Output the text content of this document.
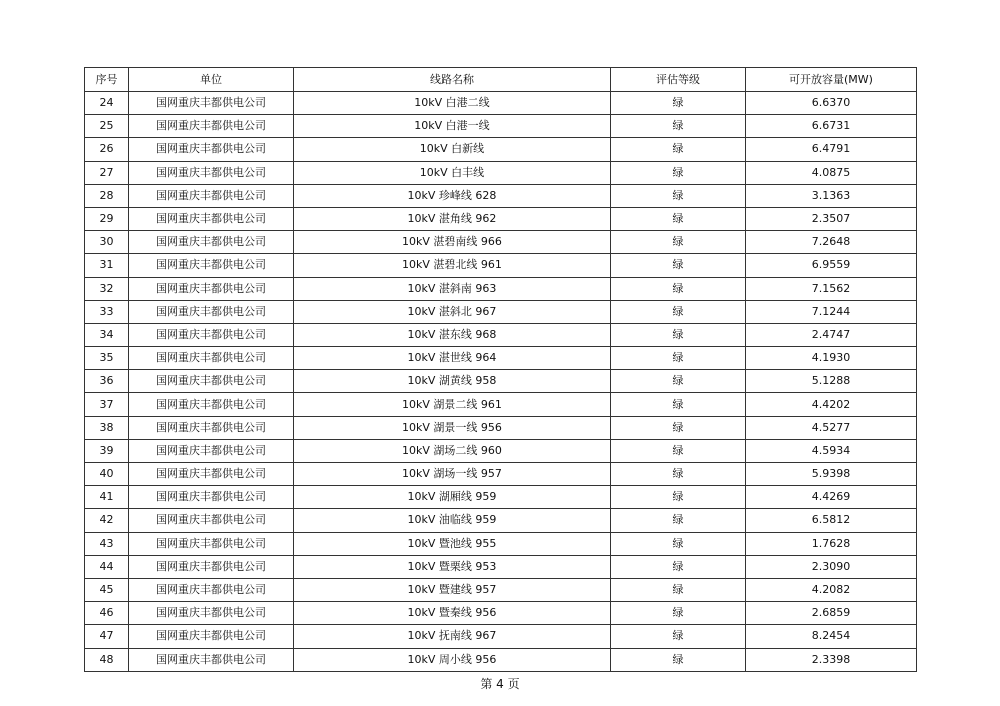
序号	单位	线路名称	评估等级	可开放容量(MW)
24	国网重庆丰都供电公司	10kV 白港二线	绿	6.6370
25	国网重庆丰都供电公司	10kV 白港一线	绿	6.6731
26	国网重庆丰都供电公司	10kV 白新线	绿	6.4791
27	国网重庆丰都供电公司	10kV 白丰线	绿	4.0875
28	国网重庆丰都供电公司	10kV 珍峰线 628	绿	3.1363
29	国网重庆丰都供电公司	10kV 湛角线 962	绿	2.3507
30	国网重庆丰都供电公司	10kV 湛碧南线 966	绿	7.2648
31	国网重庆丰都供电公司	10kV 湛碧北线 961	绿	6.9559
32	国网重庆丰都供电公司	10kV 湛斜南 963	绿	7.1562
33	国网重庆丰都供电公司	10kV 湛斜北 967	绿	7.1244
34	国网重庆丰都供电公司	10kV 湛东线 968	绿	2.4747
35	国网重庆丰都供电公司	10kV 湛世线 964	绿	4.1930
36	国网重庆丰都供电公司	10kV 湖黄线 958	绿	5.1288
37	国网重庆丰都供电公司	10kV 湖景二线 961	绿	4.4202
38	国网重庆丰都供电公司	10kV 湖景一线 956	绿	4.5277
39	国网重庆丰都供电公司	10kV 湖场二线 960	绿	4.5934
40	国网重庆丰都供电公司	10kV 湖场一线 957	绿	5.9398
41	国网重庆丰都供电公司	10kV 湖厢线 959	绿	4.4269
42	国网重庆丰都供电公司	10kV 油临线 959	绿	6.5812
43	国网重庆丰都供电公司	10kV 暨池线 955	绿	1.7628
44	国网重庆丰都供电公司	10kV 暨栗线 953	绿	2.3090
45	国网重庆丰都供电公司	10kV 暨建线 957	绿	4.2082
46	国网重庆丰都供电公司	10kV 暨秦线 956	绿	2.6859
47	国网重庆丰都供电公司	10kV 抚南线 967	绿	8.2454
48	国网重庆丰都供电公司	10kV 周小线 956	绿	2.3398
第 4 页
